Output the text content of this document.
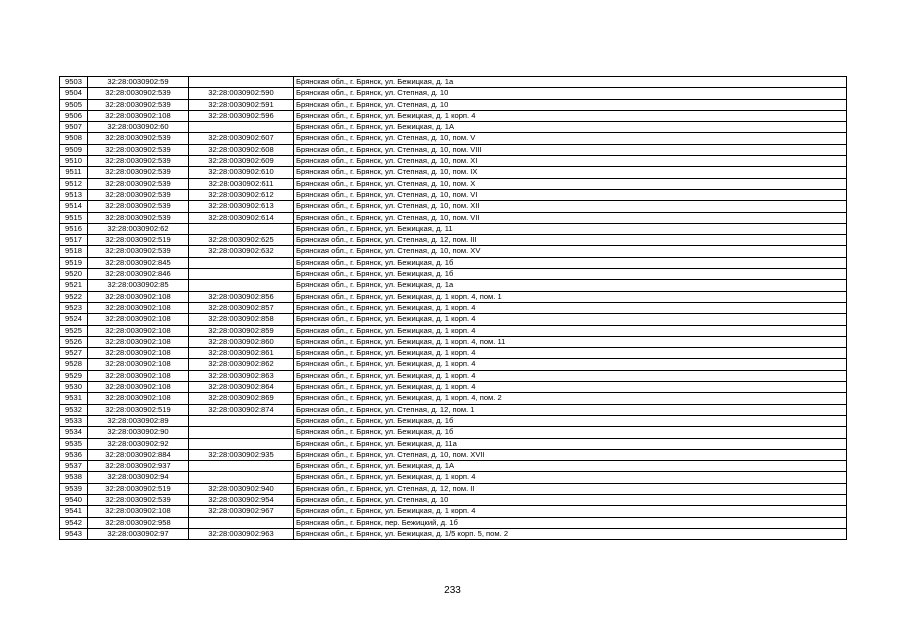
9503	32:28:0030902:59		Брянская обл., г. Брянск, ул. Бежицкая, д. 1а
9504	32:28:0030902:539	32:28:0030902:590	Брянская обл., г. Брянск, ул. Степная, д. 10
9505	32:28:0030902:539	32:28:0030902:591	Брянская обл., г. Брянск, ул. Степная, д. 10
9506	32:28:0030902:108	32:28:0030902:596	Брянская обл., г. Брянск, ул. Бежицкая, д. 1 корп. 4
9507	32:28:0030902:60		Брянская обл., г. Брянск, ул. Бежицкая, д. 1А
9508	32:28:0030902:539	32:28:0030902:607	Брянская обл., г. Брянск, ул. Степная, д. 10, пом. V
9509	32:28:0030902:539	32:28:0030902:608	Брянская обл., г. Брянск, ул. Степная, д. 10, пом. VIII
9510	32:28:0030902:539	32:28:0030902:609	Брянская обл., г. Брянск, ул. Степная, д. 10, пом. XI
9511	32:28:0030902:539	32:28:0030902:610	Брянская обл., г. Брянск, ул. Степная, д. 10, пом. IX
9512	32:28:0030902:539	32:28:0030902:611	Брянская обл., г. Брянск, ул. Степная, д. 10, пом. X
9513	32:28:0030902:539	32:28:0030902:612	Брянская обл., г. Брянск, ул. Степная, д. 10, пом. VI
9514	32:28:0030902:539	32:28:0030902:613	Брянская обл., г. Брянск, ул. Степная, д. 10, пом. XII
9515	32:28:0030902:539	32:28:0030902:614	Брянская обл., г. Брянск, ул. Степная, д. 10, пом. VII
9516	32:28:0030902:62		Брянская обл., г. Брянск, ул. Бежицкая, д. 11
9517	32:28:0030902:519	32:28:0030902:625	Брянская обл., г. Брянск, ул. Степная, д. 12, пом. III
9518	32:28:0030902:539	32:28:0030902:632	Брянская обл., г. Брянск, ул. Степная, д. 10, пом. XV
9519	32:28:0030902:845		Брянская обл., г. Брянск, ул. Бежицкая, д. 1б
9520	32:28:0030902:846		Брянская обл., г. Брянск, ул. Бежицкая, д. 1б
9521	32:28:0030902:85		Брянская обл., г. Брянск, ул. Бежицкая, д. 1а
9522	32:28:0030902:108	32:28:0030902:856	Брянская обл., г. Брянск, ул. Бежицкая, д. 1 корп. 4, пом. 1
9523	32:28:0030902:108	32:28:0030902:857	Брянская обл., г. Брянск, ул. Бежицкая, д. 1 корп. 4
9524	32:28:0030902:108	32:28:0030902:858	Брянская обл., г. Брянск, ул. Бежицкая, д. 1 корп. 4
9525	32:28:0030902:108	32:28:0030902:859	Брянская обл., г. Брянск, ул. Бежицкая, д. 1 корп. 4
9526	32:28:0030902:108	32:28:0030902:860	Брянская обл., г. Брянск, ул. Бежицкая, д. 1 корп. 4, пом. 11
9527	32:28:0030902:108	32:28:0030902:861	Брянская обл., г. Брянск, ул. Бежицкая, д. 1 корп. 4
9528	32:28:0030902:108	32:28:0030902:862	Брянская обл., г. Брянск, ул. Бежицкая, д. 1 корп. 4
9529	32:28:0030902:108	32:28:0030902:863	Брянская обл., г. Брянск, ул. Бежицкая, д. 1 корп. 4
9530	32:28:0030902:108	32:28:0030902:864	Брянская обл., г. Брянск, ул. Бежицкая, д. 1 корп. 4
9531	32:28:0030902:108	32:28:0030902:869	Брянская обл., г. Брянск, ул. Бежицкая, д. 1 корп. 4, пом. 2
9532	32:28:0030902:519	32:28:0030902:874	Брянская обл., г. Брянск, ул. Степная, д. 12, пом. 1
9533	32:28:0030902:89		Брянская обл., г. Брянск, ул. Бежицкая, д. 1б
9534	32:28:0030902:90		Брянская обл., г. Брянск, ул. Бежицкая, д. 1б
9535	32:28:0030902:92		Брянская обл., г. Брянск, ул. Бежицкая, д. 11а
9536	32:28:0030902:884	32:28:0030902:935	Брянская обл., г. Брянск, ул. Степная, д. 10, пом. XVII
9537	32:28:0030902:937		Брянская обл., г. Брянск, ул. Бежицкая, д. 1А
9538	32:28:0030902:94		Брянская обл., г. Брянск, ул. Бежицкая, д. 1 корп. 4
9539	32:28:0030902:519	32:28:0030902:940	Брянская обл., г. Брянск, ул. Степная, д. 12, пом. II
9540	32:28:0030902:539	32:28:0030902:954	Брянская обл., г. Брянск, ул. Степная, д. 10
9541	32:28:0030902:108	32:28:0030902:967	Брянская обл., г. Брянск, ул. Бежицкая, д. 1 корп. 4
9542	32:28:0030902:958		Брянская обл., г. Брянск, пер. Бежицкий, д. 1б
9543	32:28:0030902:97	32:28:0030902:963	Брянская обл., г. Брянск, ул. Бежицкая, д. 1/5 корп. 5, пом. 2
233
